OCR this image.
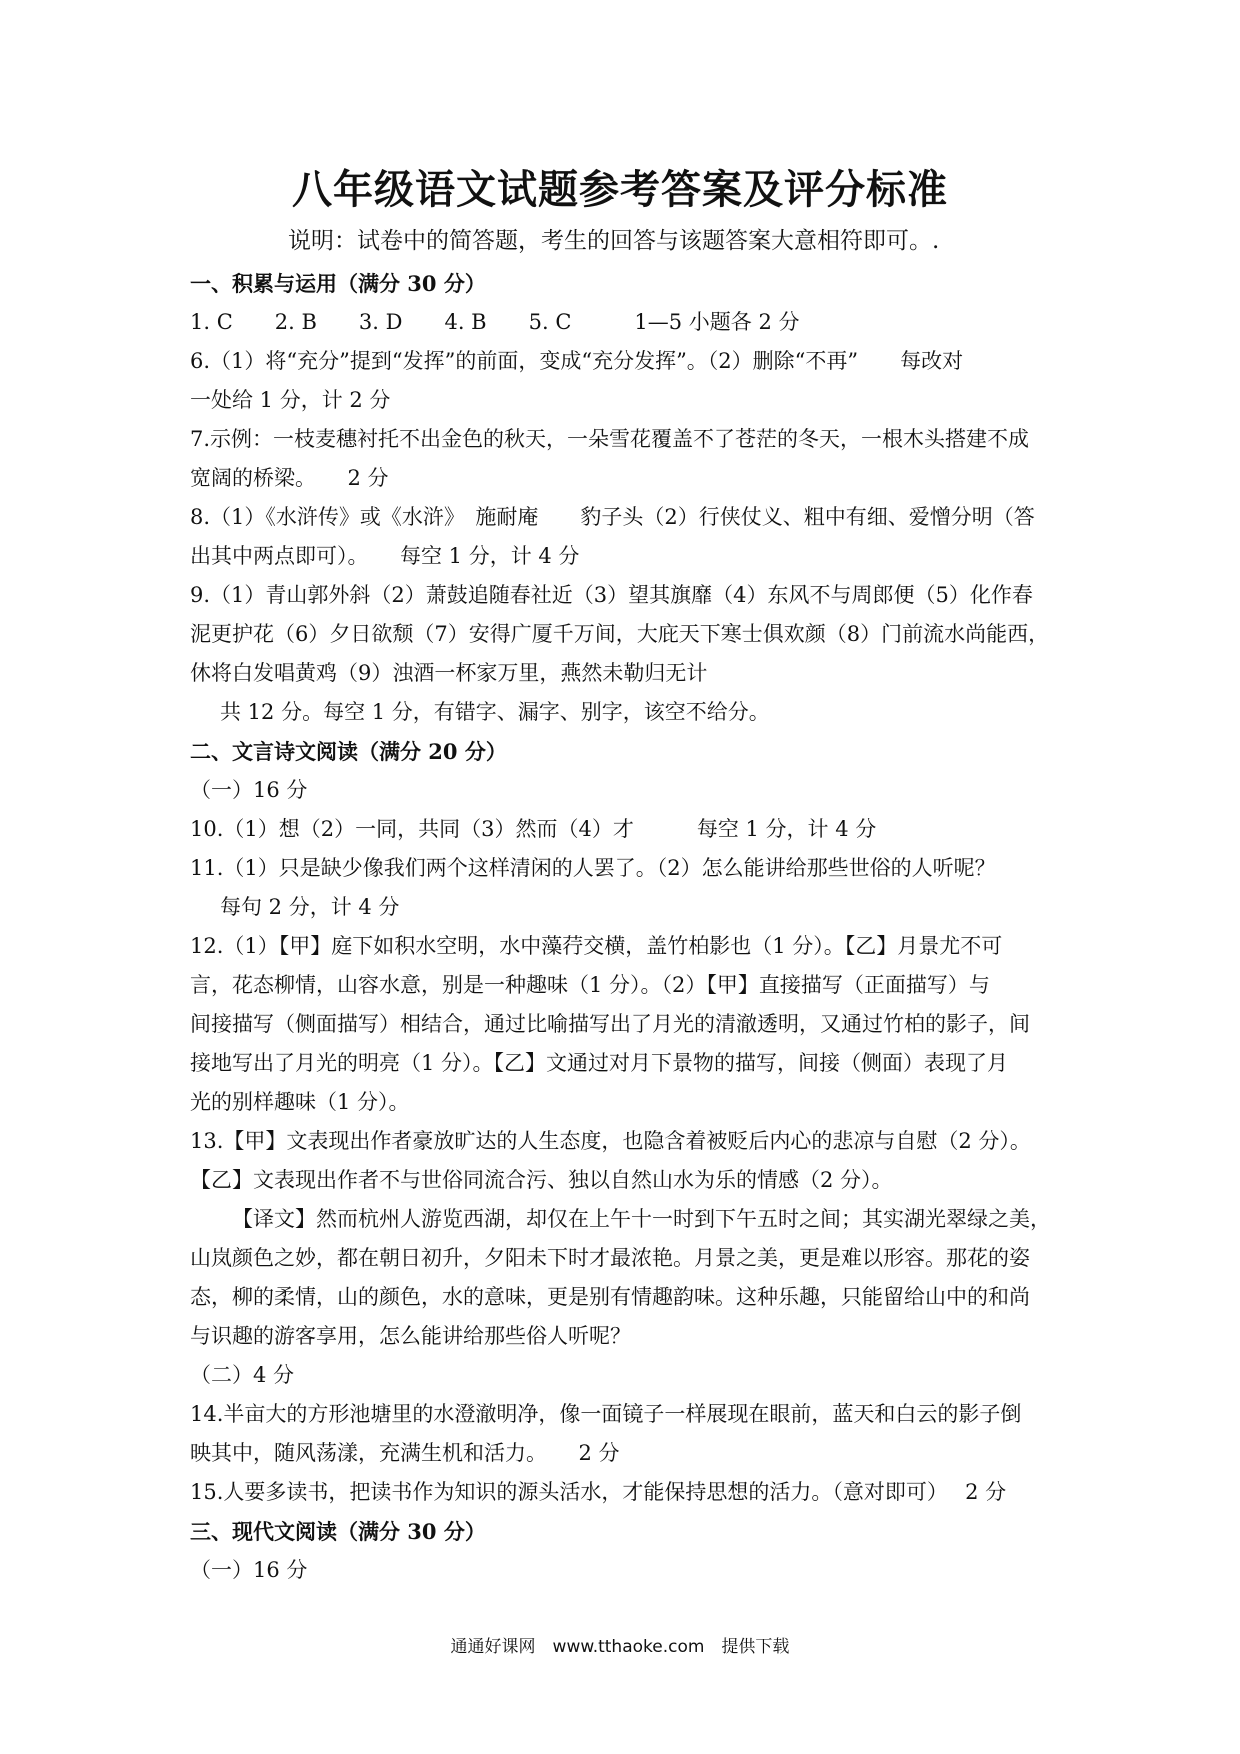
八年级语文试题参考答案及评分标准
说明：试卷中的简答题，考生的回答与该题答案大意相符即可。.
一、积累与运用（满分 30 分）
1. C　　2. B　　3. D　　4. B　　5. C　　　1—5 小题各 2 分
6.（1）将“充分”提到“发挥”的前面，变成“充分发挥”。（2）删除“不再”　　每改对
一处给 1 分，计 2 分
7.示例：一枝麦穗衬托不出金色的秋天，一朵雪花覆盖不了苍茫的冬天，一根木头搭建不成
宽阔的桥梁。　　2 分
8.（1）《水浒传》或《水浒》　施耐庵　　豹子头（2）行侠仗义、粗中有细、爱憎分明（答
出其中两点即可）。　　每空 1 分，计 4 分
9.（1）青山郭外斜（2）萧鼓追随春社近（3）望其旗靡（4）东风不与周郎便（5）化作春
泥更护花（6）夕日欲颓（7）安得广厦千万间，大庇天下寒士俱欢颜（8）门前流水尚能西，
休将白发唱黄鸡（9）浊酒一杯家万里，燕然未勒归无计
共 12 分。每空 1 分，有错字、漏字、别字，该空不给分。
二、文言诗文阅读（满分 20 分）
（一）16 分
10.（1）想（2）一同，共同（3）然而（4）才　　　每空 1 分，计 4 分
11.（1）只是缺少像我们两个这样清闲的人罢了。（2）怎么能讲给那些世俗的人听呢？
每句 2 分，计 4 分
12.（1）【甲】庭下如积水空明，水中藻荇交横，盖竹柏影也（1 分）。【乙】月景尤不可
言，花态柳情，山容水意，别是一种趣味（1 分）。（2）【甲】直接描写（正面描写）与
间接描写（侧面描写）相结合，通过比喻描写出了月光的清澈透明，又通过竹柏的影子，间
接地写出了月光的明亮（1 分）。【乙】文通过对月下景物的描写，间接（侧面）表现了月
光的别样趣味（1 分）。
13.【甲】文表现出作者豪放旷达的人生态度，也隐含着被贬后内心的悲凉与自慰（2 分）。
【乙】文表现出作者不与世俗同流合污、独以自然山水为乐的情感（2 分）。
【译文】然而杭州人游览西湖，却仅在上午十一时到下午五时之间；其实湖光翠绿之美，
山岚颜色之妙，都在朝日初升，夕阳未下时才最浓艳。月景之美，更是难以形容。那花的姿
态，柳的柔情，山的颜色，水的意味，更是别有情趣韵味。这种乐趣，只能留给山中的和尚
与识趣的游客享用，怎么能讲给那些俗人听呢？
（二）4 分
14.半亩大的方形池塘里的水澄澈明净，像一面镜子一样展现在眼前，蓝天和白云的影子倒
映其中，随风荡漾，充满生机和活力。　　2 分
15.人要多读书，把读书作为知识的源头活水，才能保持思想的活力。（意对即可）　 2 分
三、现代文阅读（满分 30 分）
（一）16 分
通通好课网　www.tthaoke.com　提供下载
